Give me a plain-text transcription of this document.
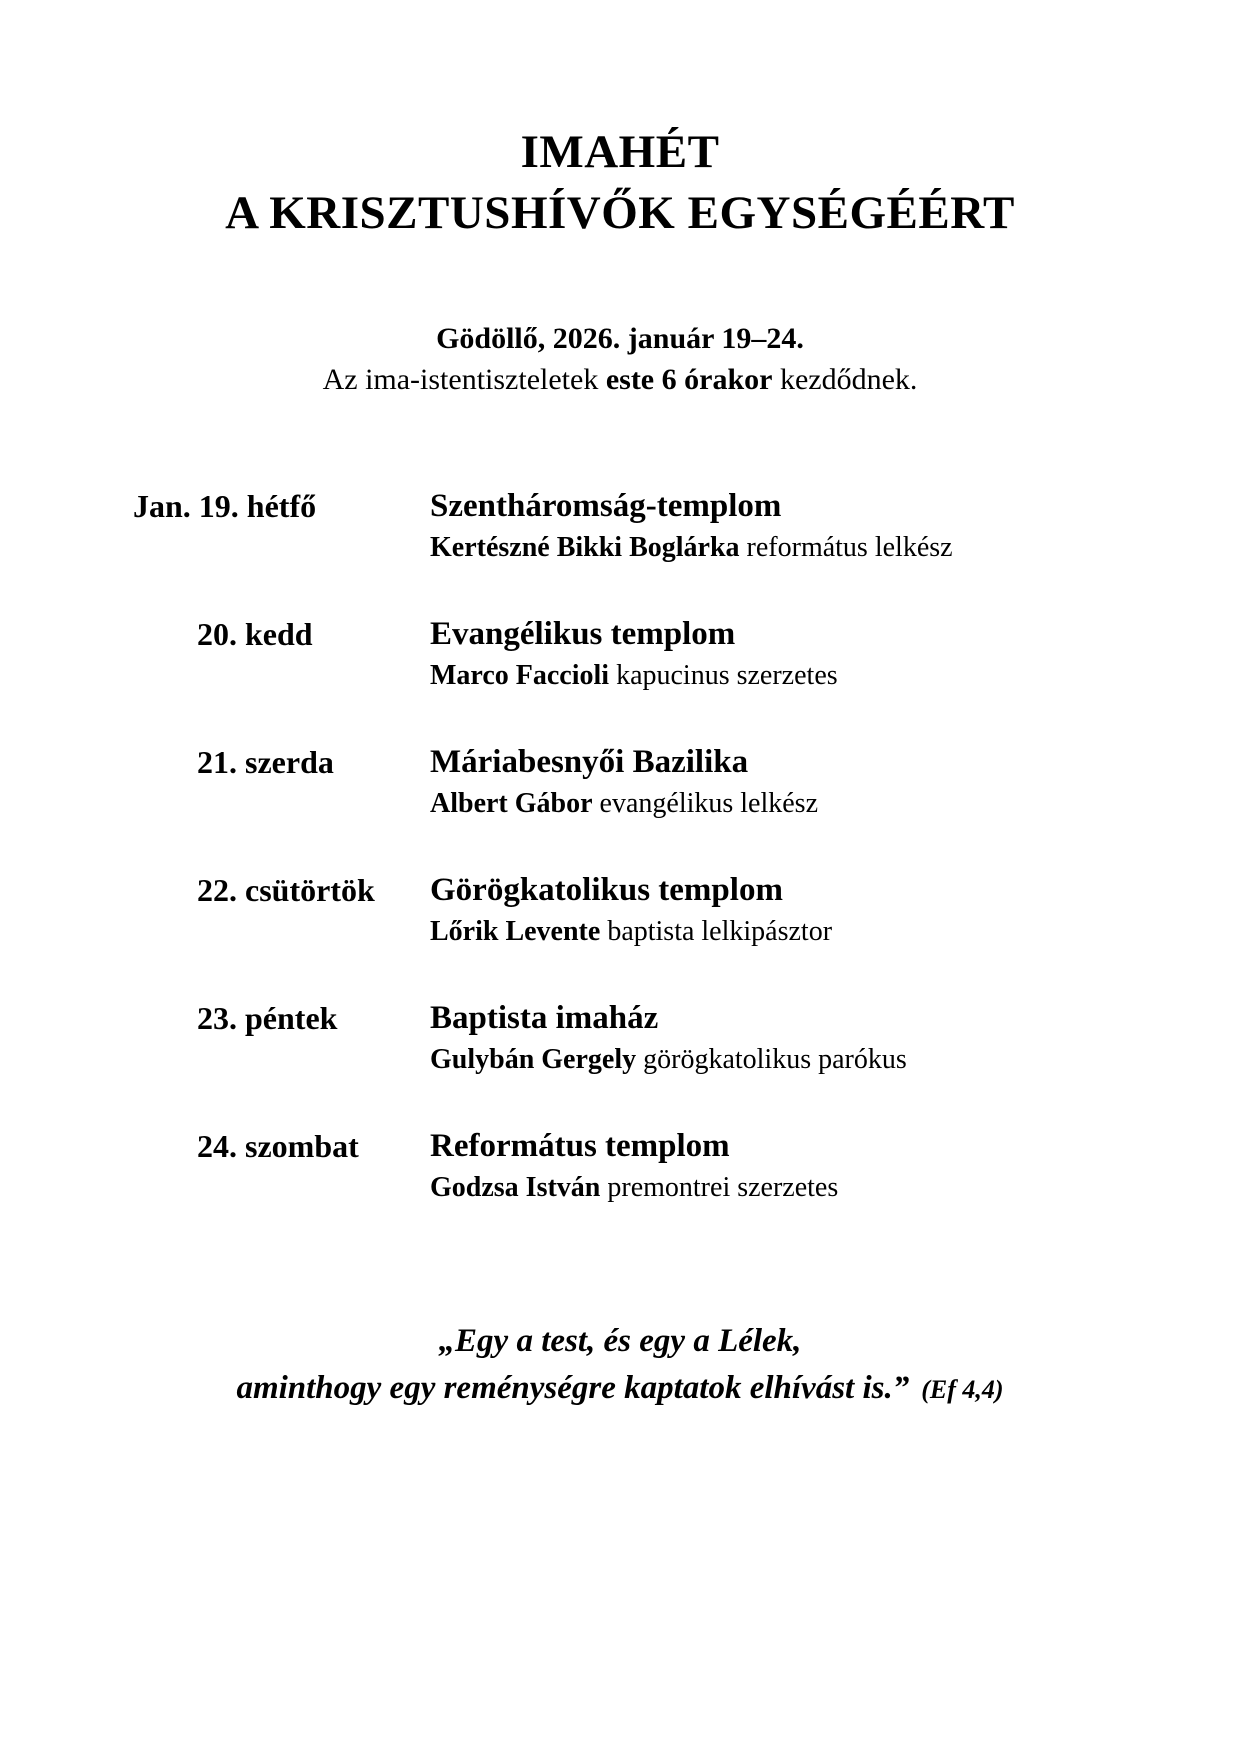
IMAHÉT
A KRISZTUSHÍVŐK EGYSÉGÉÉRT
Gödöllő, 2026. január 19–24.
Az ima-istentiszteletek este 6 órakor kezdődnek.
Jan. 19. hétfő	Szentháromság-templom
Kertészné Bikki Boglárka református lelkész
20. kedd	Evangélikus templom
Marco Faccioli kapucinus szerzetes
21. szerda	Máriabesnyői Bazilika
Albert Gábor evangélikus lelkész
22. csütörtök	Görögkatolikus templom
Lőrik Levente baptista lelkipásztor
23. péntek	Baptista imaház
Gulybán Gergely görögkatolikus parókus
24. szombat	Református templom
Godzsa István premontrei szerzetes
„Egy a test, és egy a Lélek,
aminthogy egy reménységre kaptatok elhívást is.” (Ef 4,4)
